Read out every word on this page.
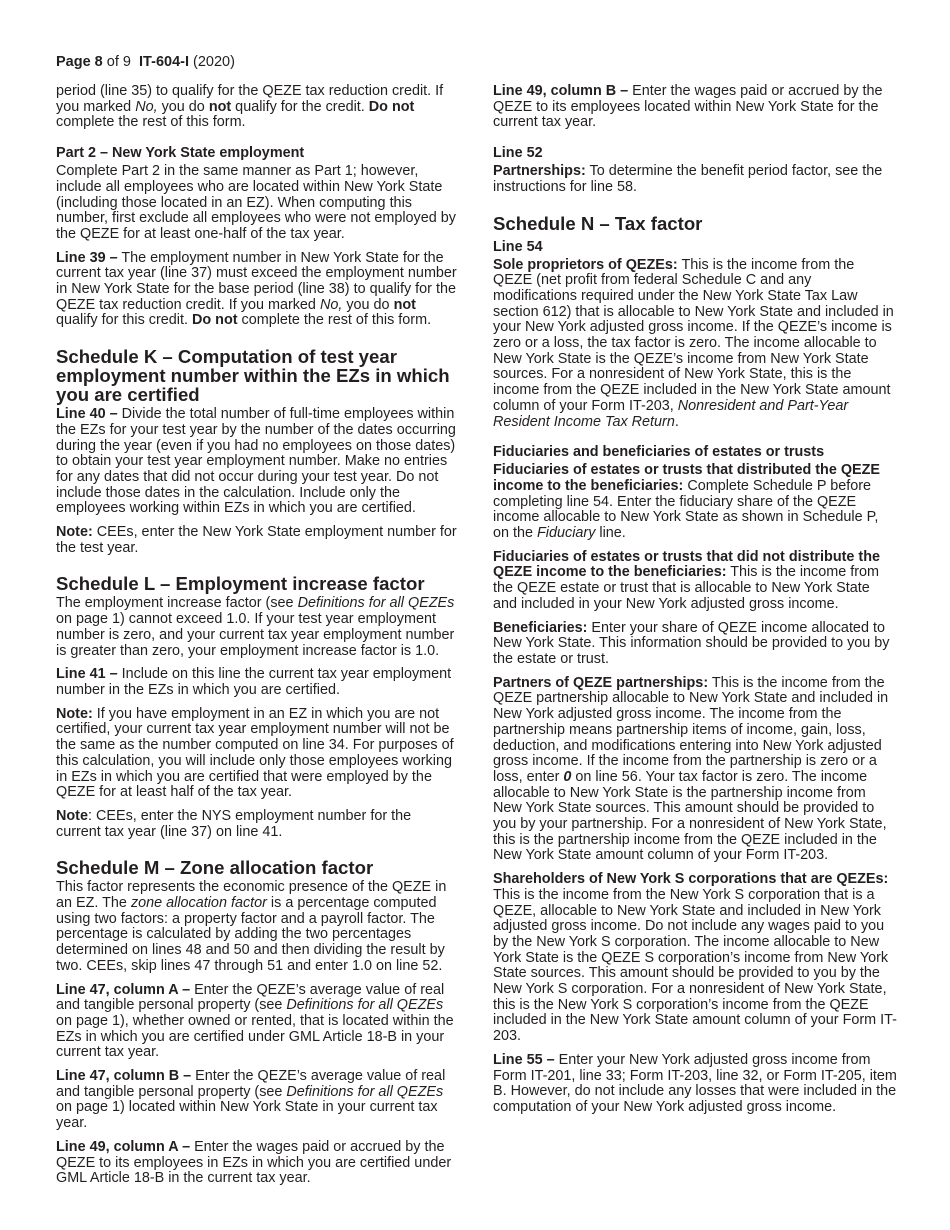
Page 8 of 9 IT-604-I (2020)

period (line 35) to qualify for the QEZE tax reduction credit. If you marked No, you do not qualify for the credit. Do not complete the rest of this form.

Part 2 – New York State employment

Complete Part 2 in the same manner as Part 1; however, include all employees who are located within New York State (including those located in an EZ). When computing this number, first exclude all employees who were not employed by the QEZE for at least one-half of the tax year.

Line 39 – The employment number in New York State for the current tax year (line 37) must exceed the employment number in New York State for the base period (line 38) to qualify for the QEZE tax reduction credit. If you marked No, you do not qualify for this credit. Do not complete the rest of this form.

Schedule K – Computation of test year employment number within the EZs in which you are certified

Line 40 – Divide the total number of full-time employees within the EZs for your test year by the number of the dates occurring during the year (even if you had no employees on those dates) to obtain your test year employment number. Make no entries for any dates that did not occur during your test year. Do not include those dates in the calculation. Include only the employees working within EZs in which you are certified.

Note: CEEs, enter the New York State employment number for the test year.

Schedule L – Employment increase factor

The employment increase factor (see Definitions for all QEZEs on page 1) cannot exceed 1.0. If your test year employment number is zero, and your current tax year employment number is greater than zero, your employment increase factor is 1.0.

Line 41 – Include on this line the current tax year employment number in the EZs in which you are certified.

Note: If you have employment in an EZ in which you are not certified, your current tax year employment number will not be the same as the number computed on line 34. For purposes of this calculation, you will include only those employees working in EZs in which you are certified that were employed by the QEZE for at least half of the tax year.

Note: CEEs, enter the NYS employment number for the current tax year (line 37) on line 41.

Schedule M – Zone allocation factor

This factor represents the economic presence of the QEZE in an EZ. The zone allocation factor is a percentage computed using two factors: a property factor and a payroll factor. The percentage is calculated by adding the two percentages determined on lines 48 and 50 and then dividing the result by two. CEEs, skip lines 47 through 51 and enter 1.0 on line 52.

Line 47, column A – Enter the QEZE’s average value of real and tangible personal property (see Definitions for all QEZEs on page 1), whether owned or rented, that is located within the EZs in which you are certified under GML Article 18-B in your current tax year.

Line 47, column B – Enter the QEZE’s average value of real and tangible personal property (see Definitions for all QEZEs on page 1) located within New York State in your current tax year.

Line 49, column A – Enter the wages paid or accrued by the QEZE to its employees in EZs in which you are certified under GML Article 18-B in the current tax year.

Line 49, column B – Enter the wages paid or accrued by the QEZE to its employees located within New York State for the current tax year.

Line 52

Partnerships: To determine the benefit period factor, see the instructions for line 58.

Schedule N – Tax factor
Line 54

Sole proprietors of QEZEs: This is the income from the QEZE (net profit from federal Schedule C and any modifications required under the New York State Tax Law section 612) that is allocable to New York State and included in your New York adjusted gross income. If the QEZE’s income is zero or a loss, the tax factor is zero. The income allocable to New York State is the QEZE’s income from New York State sources. For a nonresident of New York State, this is the income from the QEZE included in the New York State amount column of your Form IT-203, Nonresident and Part-Year Resident Income Tax Return.

Fiduciaries and beneficiaries of estates or trusts

Fiduciaries of estates or trusts that distributed the QEZE income to the beneficiaries: Complete Schedule P before completing line 54. Enter the fiduciary share of the QEZE income allocable to New York State as shown in Schedule P, on the Fiduciary line.

Fiduciaries of estates or trusts that did not distribute the QEZE income to the beneficiaries: This is the income from the QEZE estate or trust that is allocable to New York State and included in your New York adjusted gross income.

Beneficiaries: Enter your share of QEZE income allocated to New York State. This information should be provided to you by the estate or trust.

Partners of QEZE partnerships: This is the income from the QEZE partnership allocable to New York State and included in New York adjusted gross income. The income from the partnership means partnership items of income, gain, loss, deduction, and modifications entering into New York adjusted gross income. If the income from the partnership is zero or a loss, enter 0 on line 56. Your tax factor is zero. The income allocable to New York State is the partnership income from New York State sources. This amount should be provided to you by your partnership. For a nonresident of New York State, this is the partnership income from the QEZE included in the New York State amount column of your Form IT-203.

Shareholders of New York S corporations that are QEZEs: This is the income from the New York S corporation that is a QEZE, allocable to New York State and included in New York adjusted gross income. Do not include any wages paid to you by the New York S corporation. The income allocable to New York State is the QEZE S corporation’s income from New York State sources. This amount should be provided to you by the New York S corporation. For a nonresident of New York State, this is the New York S corporation’s income from the QEZE included in the New York State amount column of your Form IT-203.

Line 55 – Enter your New York adjusted gross income from Form IT-201, line 33; Form IT-203, line 32, or Form IT-205, item B. However, do not include any losses that were included in the computation of your New York adjusted gross income.
